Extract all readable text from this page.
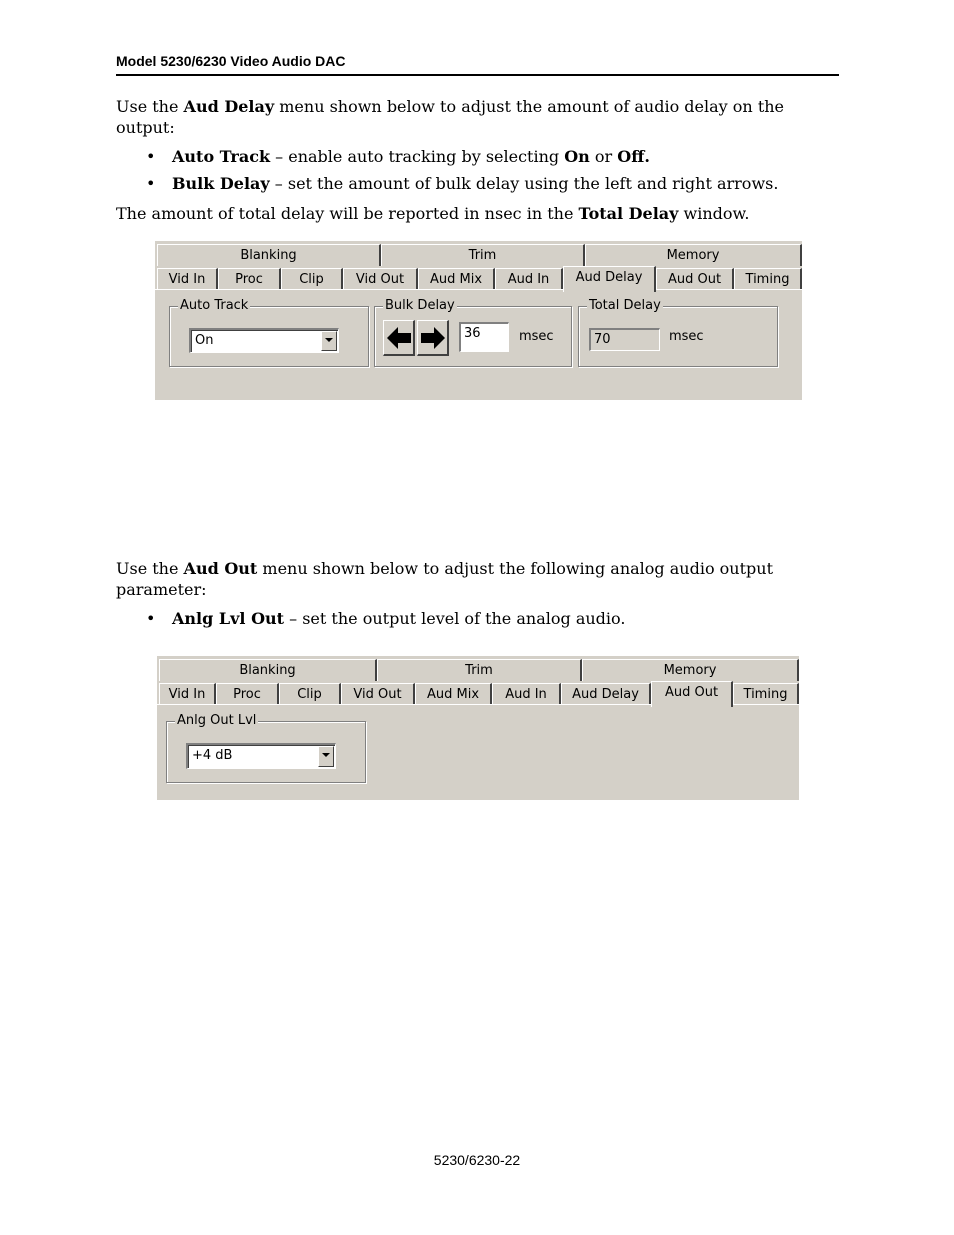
Model 5230/6230 Video Audio DAC
Use the Aud Delay menu shown below to adjust the amount of audio delay on the
output:
• Auto Track – enable auto tracking by selecting On or Off.
• Bulk Delay – set the amount of bulk delay using the left and right arrows.
The amount of total delay will be reported in nsec in the Total Delay window.
Blanking	Trim	Memory
Vid In	Proc	Clip	Vid Out	Aud Mix	Aud In	Aud Delay	Aud Out	Timing
Auto Track
On
Bulk Delay
36	msec
Total Delay
70	msec
Use the Aud Out menu shown below to adjust the following analog audio output
parameter:
• Anlg Lvl Out – set the output level of the analog audio.
Blanking	Trim	Memory
Vid In	Proc	Clip	Vid Out	Aud Mix	Aud In	Aud Delay	Aud Out	Timing
Anlg Out Lvl
+4 dB
5230/6230-22
